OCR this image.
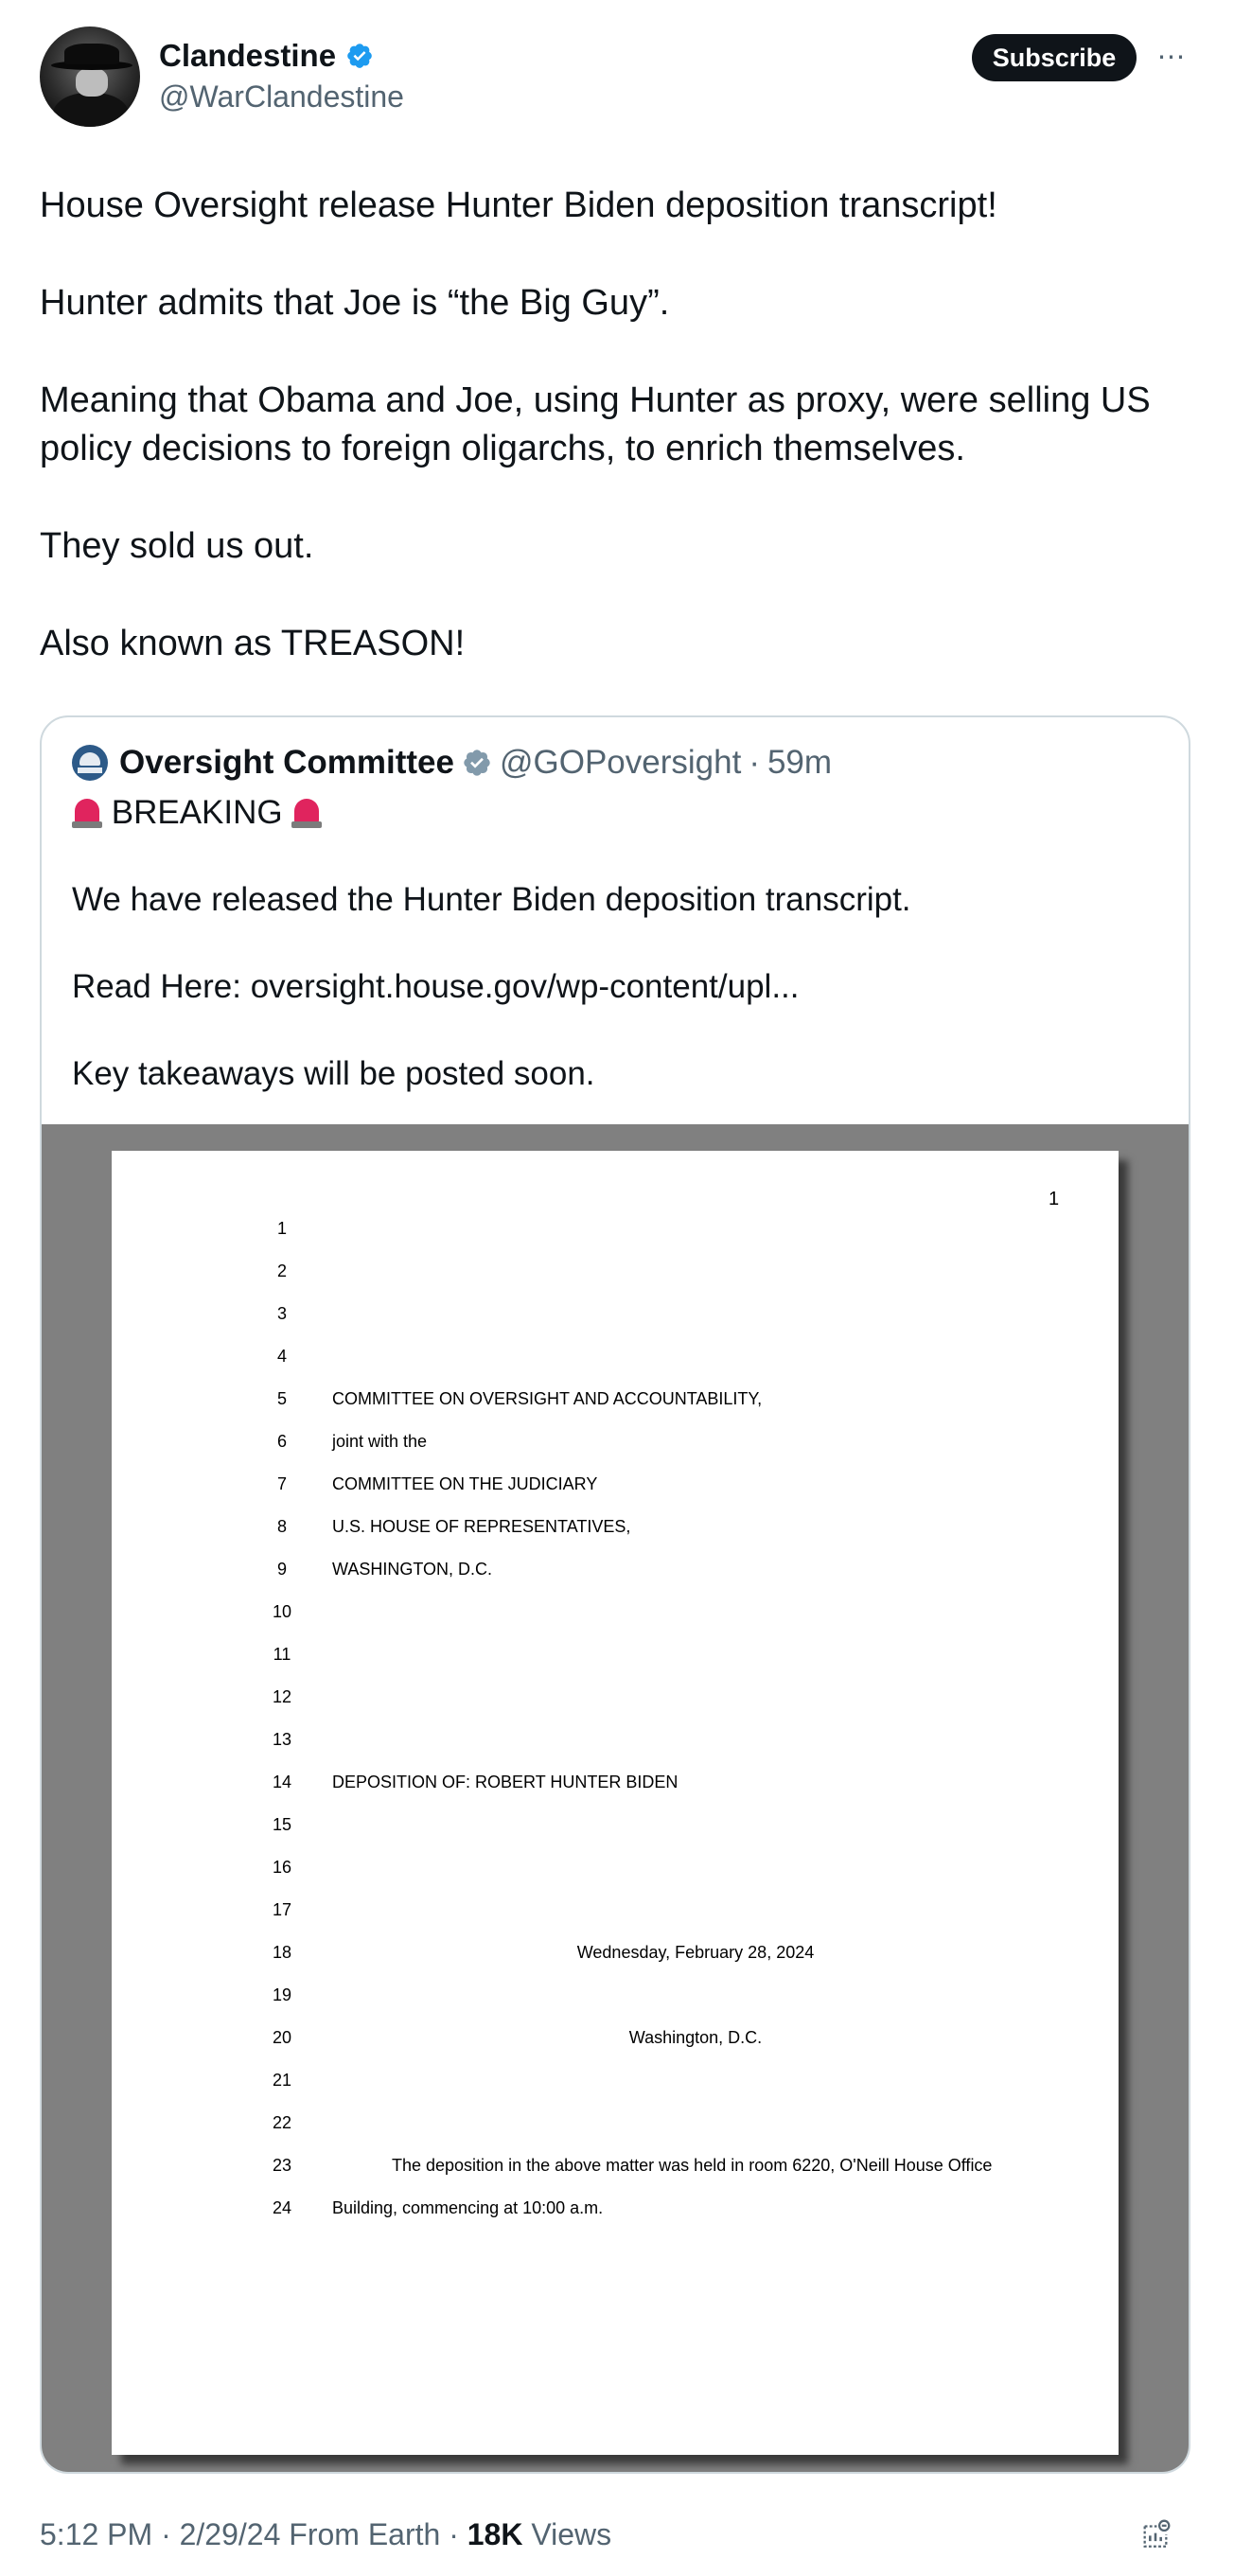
Clandestine
@WarClandestine
Subscribe	⋯

House Oversight release Hunter Biden deposition transcript!

Hunter admits that Joe is “the Big Guy”.

Meaning that Obama and Joe, using Hunter as proxy, were selling US policy decisions to foreign oligarchs, to enrich themselves.

They sold us out.

Also known as TREASON!

Oversight Committee @GOPoversight · 59m

BREAKING

We have released the Hunter Biden deposition transcript.

Read Here: oversight.house.gov/wp-content/upl...

Key takeaways will be posted soon.

1
1
2
3
4
5	COMMITTEE ON OVERSIGHT AND ACCOUNTABILITY,
6	joint with the
7	COMMITTEE ON THE JUDICIARY
8	U.S. HOUSE OF REPRESENTATIVES,
9	WASHINGTON, D.C.
10
11
12
13
14	DEPOSITION OF: ROBERT HUNTER BIDEN
15
16
17
18	Wednesday, February 28, 2024
19
20	Washington, D.C.
21
22
23	The deposition in the above matter was held in room 6220, O'Neill House Office
24	Building, commencing at 10:00 a.m.
5:12 PM · 2/29/24 From Earth · 18K Views
